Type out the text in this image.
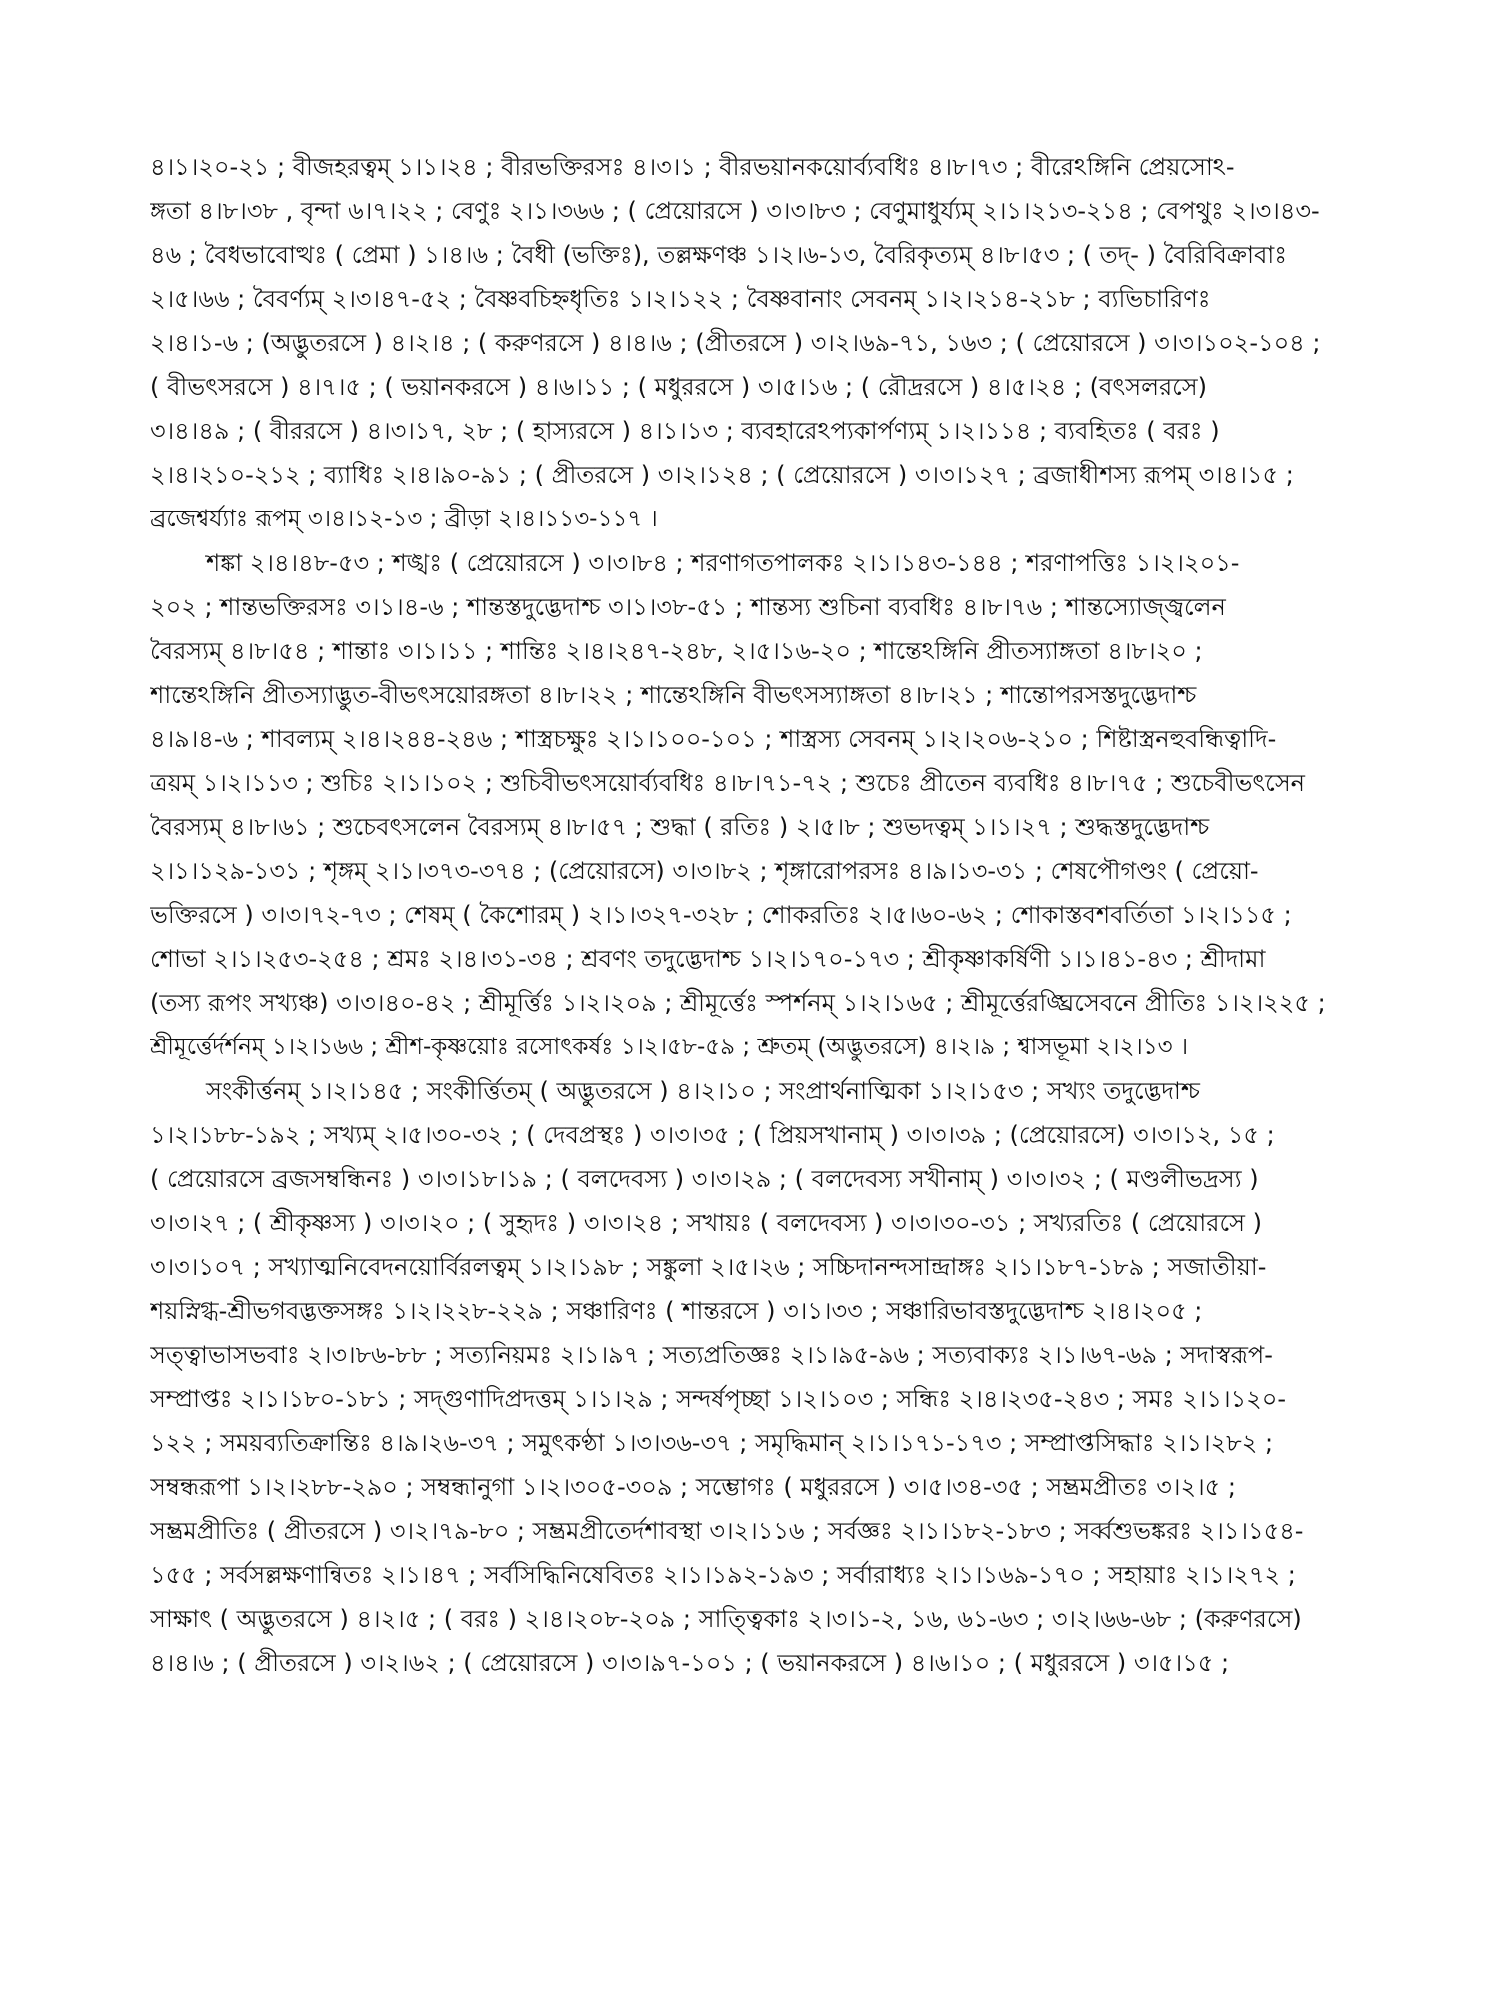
৪।১।২০-২১ ; বীজহরত্বম্ ১।১।২৪ ; বীরভক্তিরসঃ ৪।৩।১ ; বীরভয়ানকয়োর্ব্যবধিঃ ৪।৮।৭৩ ; বীরেঽঙ্গিনি প্রেয়সোঽ-
ঙ্গতা ৪।৮।৩৮ , বৃন্দা ৬।৭।২২ ; বেণুঃ ২।১।৩৬৬ ; ( প্রেয়োরসে ) ৩।৩।৮৩ ; বেণুমাধুর্য্যম্ ২।১।২১৩-২১৪ ; বেপথুঃ ২।৩।৪৩-
৪৬ ; বৈধভাবোত্থঃ ( প্রেমা ) ১।৪।৬ ; বৈধী (ভক্তিঃ), তল্লক্ষণঞ্চ ১।২।৬-১৩, বৈরিকৃত্যম্ ৪।৮।৫৩ ; ( তদ্- ) বৈরিবিক্রাবাঃ
২।৫।৬৬ ; বৈবর্ণ্যম্ ২।৩।৪৭-৫২ ; বৈষ্ণবচিহ্নধৃতিঃ ১।২।১২২ ; বৈষ্ণবানাং সেবনম্ ১।২।২১৪-২১৮ ; ব্যভিচারিণঃ
২।৪।১-৬ ; (অদ্ভুতরসে ) ৪।২।৪ ; ( করুণরসে ) ৪।৪।৬ ; (প্রীতরসে ) ৩।২।৬৯-৭১, ১৬৩ ; ( প্রেয়োরসে ) ৩।৩।১০২-১০৪ ;
( বীভৎসরসে ) ৪।৭।৫ ; ( ভয়ানকরসে ) ৪।৬।১১ ; ( মধুররসে ) ৩।৫।১৬ ; ( রৌদ্ররসে ) ৪।৫।২৪ ; (বৎসলরসে)
৩।৪।৪৯ ; ( বীররসে ) ৪।৩।১৭, ২৮ ; ( হাস্যরসে ) ৪।১।১৩ ; ব্যবহারেঽপ্যকার্পণ্যম্ ১।২।১১৪ ; ব্যবহিতঃ ( বরঃ )
২।৪।২১০-২১২ ; ব্যাধিঃ ২।৪।৯০-৯১ ; ( প্রীতরসে ) ৩।২।১২৪ ; ( প্রেয়োরসে ) ৩।৩।১২৭ ; ব্রজাধীশস্য রূপম্ ৩।৪।১৫ ;
ব্রজেশ্বর্য্যাঃ রূপম্ ৩।৪।১২-১৩ ; ব্রীড়া ২।৪।১১৩-১১৭ ।
শঙ্কা ২।৪।৪৮-৫৩ ; শঙ্খঃ ( প্রেয়োরসে ) ৩।৩।৮৪ ; শরণাগতপালকঃ ২।১।১৪৩-১৪৪ ; শরণাপত্তিঃ ১।২।২০১-
২০২ ; শান্তভক্তিরসঃ ৩।১।৪-৬ ; শান্তস্তদুদ্ভেদাশ্চ ৩।১।৩৮-৫১ ; শান্তস্য শুচিনা ব্যবধিঃ ৪।৮।৭৬ ; শান্তস্যোজ্জ্বলেন
বৈরস্যম্ ৪।৮।৫৪ ; শান্তাঃ ৩।১।১১ ; শান্তিঃ ২।৪।২৪৭-২৪৮, ২।৫।১৬-২০ ; শান্তেঽঙ্গিনি প্রীতস্যাঙ্গতা ৪।৮।২০ ;
শান্তেঽঙ্গিনি প্রীতস্যাদ্ভুত-বীভৎসয়োরঙ্গতা ৪।৮।২২ ; শান্তেঽঙ্গিনি বীভৎসস্যাঙ্গতা ৪।৮।২১ ; শান্তোপরসস্তদুদ্ভেদাশ্চ
৪।৯।৪-৬ ; শাবল্যম্ ২।৪।২৪৪-২৪৬ ; শাস্ত্রচক্ষুঃ ২।১।১০০-১০১ ; শাস্ত্রস্য সেবনম্ ১।২।২০৬-২১০ ; শিষ্টাস্ত্রনহুবন্ধিত্বাদি-
ত্রয়ম্ ১।২।১১৩ ; শুচিঃ ২।১।১০২ ; শুচিবীভৎসয়োর্ব্যবধিঃ ৪।৮।৭১-৭২ ; শুচেঃ প্রীতেন ব্যবধিঃ ৪।৮।৭৫ ; শুচেবীভৎসেন
বৈরস্যম্ ৪।৮।৬১ ; শুচেবৎসলেন বৈরস্যম্ ৪।৮।৫৭ ; শুদ্ধা ( রতিঃ ) ২।৫।৮ ; শুভদত্বম্ ১।১।২৭ ; শুদ্ধস্তদুদ্ভেদাশ্চ
২।১।১২৯-১৩১ ; শৃঙ্গম্ ২।১।৩৭৩-৩৭৪ ; (প্রেয়োরসে) ৩।৩।৮২ ; শৃঙ্গারোপরসঃ ৪।৯।১৩-৩১ ; শেষপৌগণ্ডং ( প্রেয়ো-
ভক্তিরসে ) ৩।৩।৭২-৭৩ ; শেষম্ ( কৈশোরম্ ) ২।১।৩২৭-৩২৮ ; শোকরতিঃ ২।৫।৬০-৬২ ; শোকাস্তবশবর্তিতা ১।২।১১৫ ;
শোভা ২।১।২৫৩-২৫৪ ; শ্রমঃ ২।৪।৩১-৩৪ ; শ্রবণং তদুদ্ভেদাশ্চ ১।২।১৭০-১৭৩ ; শ্রীকৃষ্ণাকর্ষিণী ১।১।৪১-৪৩ ; শ্রীদামা
(তস্য রূপং সখ্যঞ্চ) ৩।৩।৪০-৪২ ; শ্রীমূর্ত্তিঃ ১।২।২০৯ ; শ্রীমূর্ত্তেঃ স্পর্শনম্ ১।২।১৬৫ ; শ্রীমূর্ত্তেরঙ্ঘ্রিসেবনে প্রীতিঃ ১।২।২২৫ ;
শ্রীমূর্ত্তের্দর্শনম্ ১।২।১৬৬ ; শ্রীশ-কৃষ্ণয়োঃ রসোৎকর্ষঃ ১।২।৫৮-৫৯ ; শ্রুতম্ (অদ্ভুতরসে) ৪।২।৯ ; শ্বাসভূমা ২।২।১৩ ।
সংকীর্ত্তনম্ ১।২।১৪৫ ; সংকীর্ত্তিতম্ ( অদ্ভুতরসে ) ৪।২।১০ ; সংপ্রার্থনাত্মিকা ১।২।১৫৩ ; সখ্যং তদুদ্ভেদাশ্চ
১।২।১৮৮-১৯২ ; সখ্যম্ ২।৫।৩০-৩২ ; ( দেবপ্রস্থঃ ) ৩।৩।৩৫ ; ( প্রিয়সখানাম্ ) ৩।৩।৩৯ ; (প্রেয়োরসে) ৩।৩।১২, ১৫ ;
( প্রেয়োরসে ব্রজসম্বন্ধিনঃ ) ৩।৩।১৮।১৯ ; ( বলদেবস্য ) ৩।৩।২৯ ; ( বলদেবস্য সখীনাম্ ) ৩।৩।৩২ ; ( মণ্ডলীভদ্রস্য )
৩।৩।২৭ ; ( শ্রীকৃষ্ণস্য ) ৩।৩।২০ ; ( সুহৃদঃ ) ৩।৩।২৪ ; সখায়ঃ ( বলদেবস্য ) ৩।৩।৩০-৩১ ; সখ্যরতিঃ ( প্রেয়োরসে )
৩।৩।১০৭ ; সখ্যাত্মনিবেদনয়োর্বিরলত্বম্ ১।২।১৯৮ ; সঙ্কুলা ২।৫।২৬ ; সচ্চিদানন্দসান্দ্রাঙ্গঃ ২।১।১৮৭-১৮৯ ; সজাতীয়া-
শয়স্নিগ্ধ-শ্রীভগবদ্ভক্তসঙ্গঃ ১।২।২২৮-২২৯ ; সঞ্চারিণঃ ( শান্তরসে ) ৩।১।৩৩ ; সঞ্চারিভাবস্তদুদ্ভেদাশ্চ ২।৪।২০৫ ;
সত্ত্বাভাসভবাঃ ২।৩।৮৬-৮৮ ; সত্যনিয়মঃ ২।১।৯৭ ; সত্যপ্রতিজ্ঞঃ ২।১।৯৫-৯৬ ; সত্যবাক্যঃ ২।১।৬৭-৬৯ ; সদাস্বরূপ-
সম্প্রাপ্তঃ ২।১।১৮০-১৮১ ; সদ্গুণাদিপ্রদত্তম্ ১।১।২৯ ; সন্দর্ষপৃচ্ছা ১।২।১০৩ ; সন্ধিঃ ২।৪।২৩৫-২৪৩ ; সমঃ ২।১।১২০-
১২২ ; সময়ব্যতিক্রান্তিঃ ৪।৯।২৬-৩৭ ; সমুৎকণ্ঠা ১।৩।৩৬-৩৭ ; সমৃদ্ধিমান্ ২।১।১৭১-১৭৩ ; সম্প্রাপ্তসিদ্ধাঃ ২।১।২৮২ ;
সম্বন্ধরূপা ১।২।২৮৮-২৯০ ; সম্বন্ধানুগা ১।২।৩০৫-৩০৯ ; সম্ভোগঃ ( মধুররসে ) ৩।৫।৩৪-৩৫ ; সম্ভ্রমপ্রীতঃ ৩।২।৫ ;
সম্ভ্রমপ্রীতিঃ ( প্রীতরসে ) ৩।২।৭৯-৮০ ; সম্ভ্রমপ্রীতের্দশাবস্থা ৩।২।১১৬ ; সর্বজ্ঞঃ ২।১।১৮২-১৮৩ ; সর্ব্বশুভঙ্করঃ ২।১।১৫৪-
১৫৫ ; সর্বসল্লক্ষণান্বিতঃ ২।১।৪৭ ; সর্বসিদ্ধিনিষেবিতঃ ২।১।১৯২-১৯৩ ; সর্বারাধ্যঃ ২।১।১৬৯-১৭০ ; সহায়াঃ ২।১।২৭২ ;
সাক্ষাৎ ( অদ্ভুতরসে ) ৪।২।৫ ; ( বরঃ ) ২।৪।২০৮-২০৯ ; সাত্ত্বিকাঃ ২।৩।১-২, ১৬, ৬১-৬৩ ; ৩।২।৬৬-৬৮ ; (করুণরসে)
৪।৪।৬ ; ( প্রীতরসে ) ৩।২।৬২ ; ( প্রেয়োরসে ) ৩।৩।৯৭-১০১ ; ( ভয়ানকরসে ) ৪।৬।১০ ; ( মধুররসে ) ৩।৫।১৫ ;
